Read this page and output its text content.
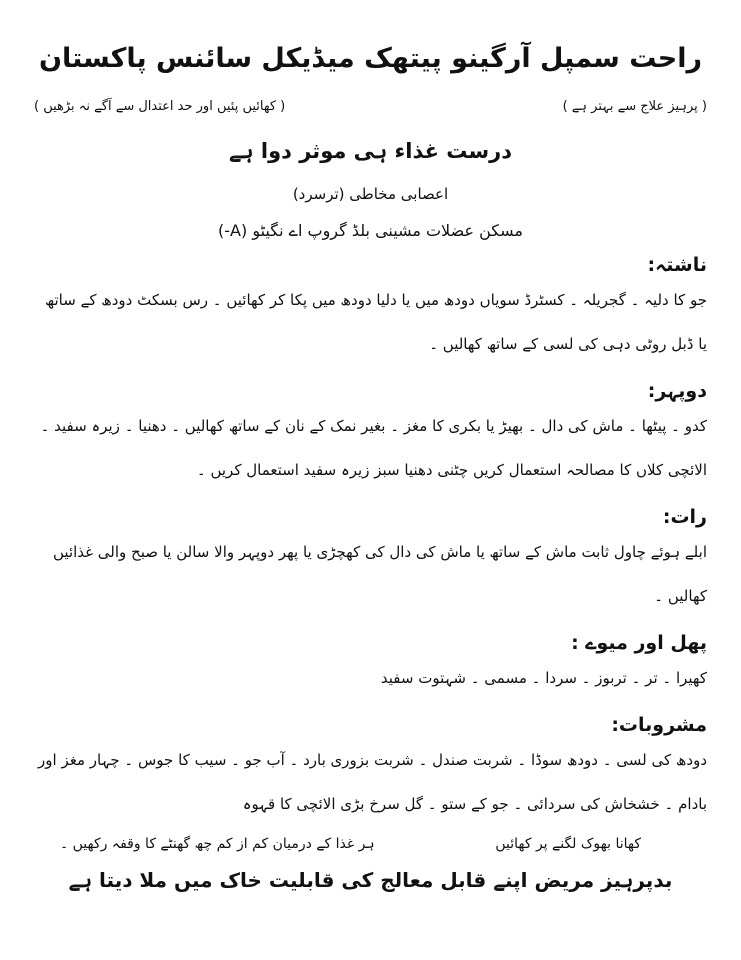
راحت سمپل آرگینو پیتھک میڈیکل سائنس پاکستان
( پرہیز علاج سے بہتر ہے )
( کھائیں پئیں اور حد اعتدال سے آگے نہ بڑھیں )
درست غذاء ہی موثر دوا ہے
اعصابی مخاطی (ترسرد)
مسکن عضلات مشینی بلڈ گروپ اے نگیٹو (A-)
ناشتہ:

جو کا دلیہ ۔ گجریلہ ۔ کسٹرڈ سویاں دودھ میں یا دلیا دودھ میں پکا کر کھائیں ۔ رس بسکٹ دودھ کے ساتھ یا ڈبل روٹی دہی کی لسی کے ساتھ کھالیں ۔

دوپہر:

کدو ۔ پیٹھا ۔ ماش کی دال ۔ بھیڑ یا بکری کا مغز ۔ بغیر نمک کے نان کے ساتھ کھالیں ۔ دھنیا ۔ زیرہ سفید ۔ الائچی کلاں کا مصالحہ استعمال کریں چٹنی دھنیا سبز زیرہ سفید استعمال کریں ۔

رات:

ابلے ہوئے چاول ثابت ماش کے ساتھ یا ماش کی دال کی کھچڑی یا پھر دوپہر والا سالن یا صبح والی غذائیں کھالیں ۔

پھل اور میوے :

کھیرا ۔ تر ۔ تربوز ۔ سردا ۔ مسمی ۔ شہتوت سفید

مشروبات:

دودھ کی لسی ۔ دودھ سوڈا ۔ شربت صندل ۔ شربت بزوری بارد ۔ آب جو ۔ سیب کا جوس ۔ چہار مغز اور بادام ۔ خشخاش کی سردائی ۔ جو کے ستو ۔ گل سرخ بڑی الائچی کا قہوہ

کھانا بھوک لگنے پر کھائیں
ہر غذا کے درمیان کم از کم چھ گھنٹے کا وقفہ رکھیں ۔
بدپرہیز مریض اپنے قابل معالج کی قابلیت خاک میں ملا دیتا ہے
